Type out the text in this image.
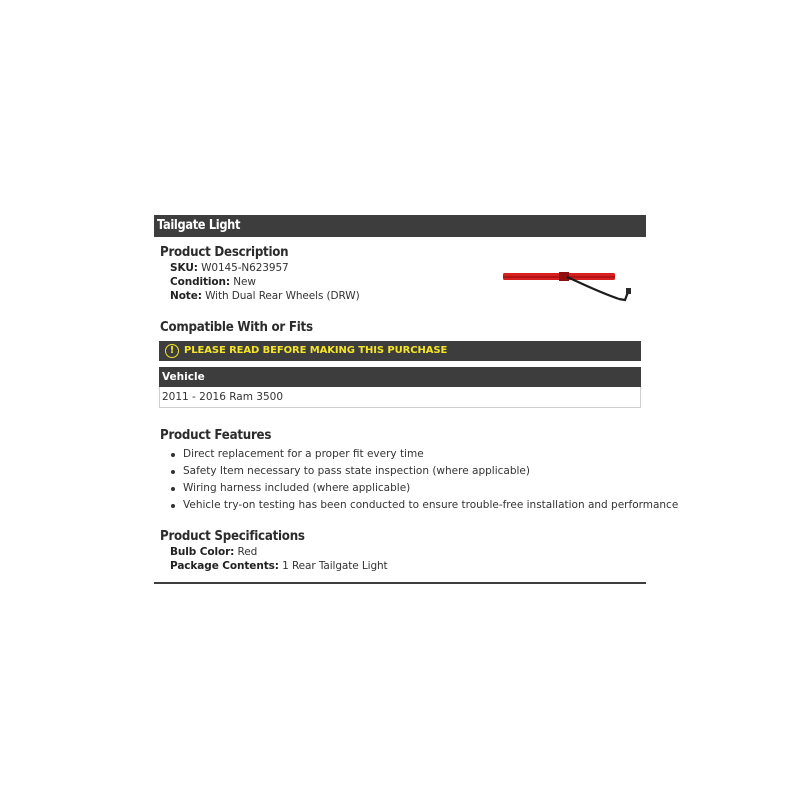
Tailgate Light
Product Description
SKU: W0145-N623957
Condition: New
Note: With Dual Rear Wheels (DRW)
Compatible With or Fits
! PLEASE READ BEFORE MAKING THIS PURCHASE
Vehicle
2011 - 2016 Ram 3500
Product Features
Direct replacement for a proper fit every time
Safety Item necessary to pass state inspection (where applicable)
Wiring harness included (where applicable)
Vehicle try-on testing has been conducted to ensure trouble-free installation and performance
Product Specifications
Bulb Color: Red
Package Contents: 1 Rear Tailgate Light
